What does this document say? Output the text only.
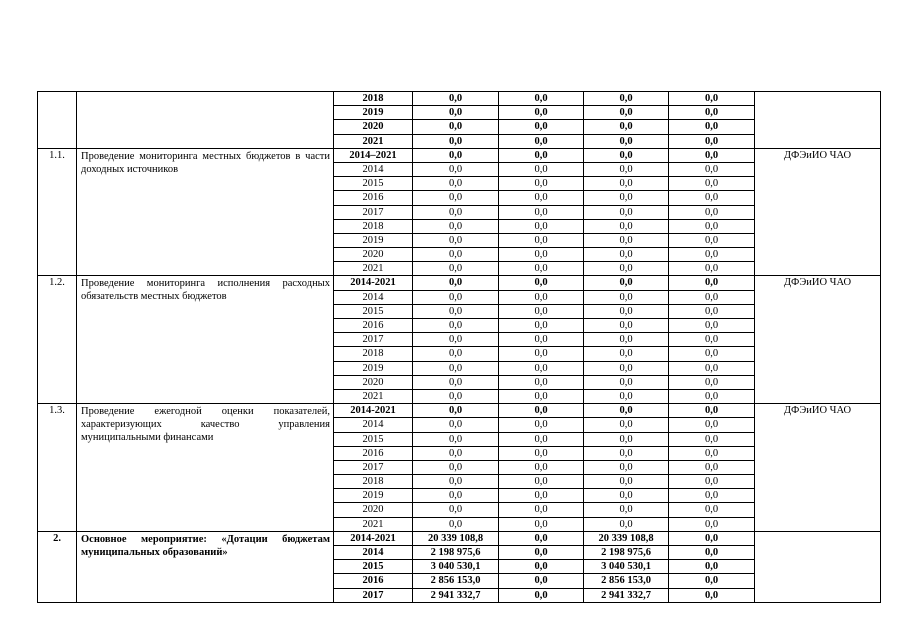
		2018	0,0	0,0	0,0	0,0	
		2019	0,0	0,0	0,0	0,0	
		2020	0,0	0,0	0,0	0,0	
		2021	0,0	0,0	0,0	0,0	
1.1.	Проведение мониторинга местных бюджетов в части доходных источников	2014–2021	0,0	0,0	0,0	0,0	ДФЭиИО ЧАО
		2014	0,0	0,0	0,0	0,0	
		2015	0,0	0,0	0,0	0,0	
		2016	0,0	0,0	0,0	0,0	
		2017	0,0	0,0	0,0	0,0	
		2018	0,0	0,0	0,0	0,0	
		2019	0,0	0,0	0,0	0,0	
		2020	0,0	0,0	0,0	0,0	
		2021	0,0	0,0	0,0	0,0	
1.2.	Проведение мониторинга исполнения расходных обязательств местных бюджетов	2014-2021	0,0	0,0	0,0	0,0	ДФЭиИО ЧАО
		2014	0,0	0,0	0,0	0,0	
		2015	0,0	0,0	0,0	0,0	
		2016	0,0	0,0	0,0	0,0	
		2017	0,0	0,0	0,0	0,0	
		2018	0,0	0,0	0,0	0,0	
		2019	0,0	0,0	0,0	0,0	
		2020	0,0	0,0	0,0	0,0	
		2021	0,0	0,0	0,0	0,0	
1.3.	Проведение ежегодной оценки показателей, характеризующих качество управления муниципальными финансами	2014-2021	0,0	0,0	0,0	0,0	ДФЭиИО ЧАО
		2014	0,0	0,0	0,0	0,0	
		2015	0,0	0,0	0,0	0,0	
		2016	0,0	0,0	0,0	0,0	
		2017	0,0	0,0	0,0	0,0	
		2018	0,0	0,0	0,0	0,0	
		2019	0,0	0,0	0,0	0,0	
		2020	0,0	0,0	0,0	0,0	
		2021	0,0	0,0	0,0	0,0	
2.	Основное мероприятие: «Дотации бюджетам муниципальных образований»	2014-2021	20 339 108,8	0,0	20 339 108,8	0,0	
		2014	2 198 975,6	0,0	2 198 975,6	0,0	
		2015	3 040 530,1	0,0	3 040 530,1	0,0	
		2016	2 856 153,0	0,0	2 856 153,0	0,0	
		2017	2 941 332,7	0,0	2 941 332,7	0,0	
